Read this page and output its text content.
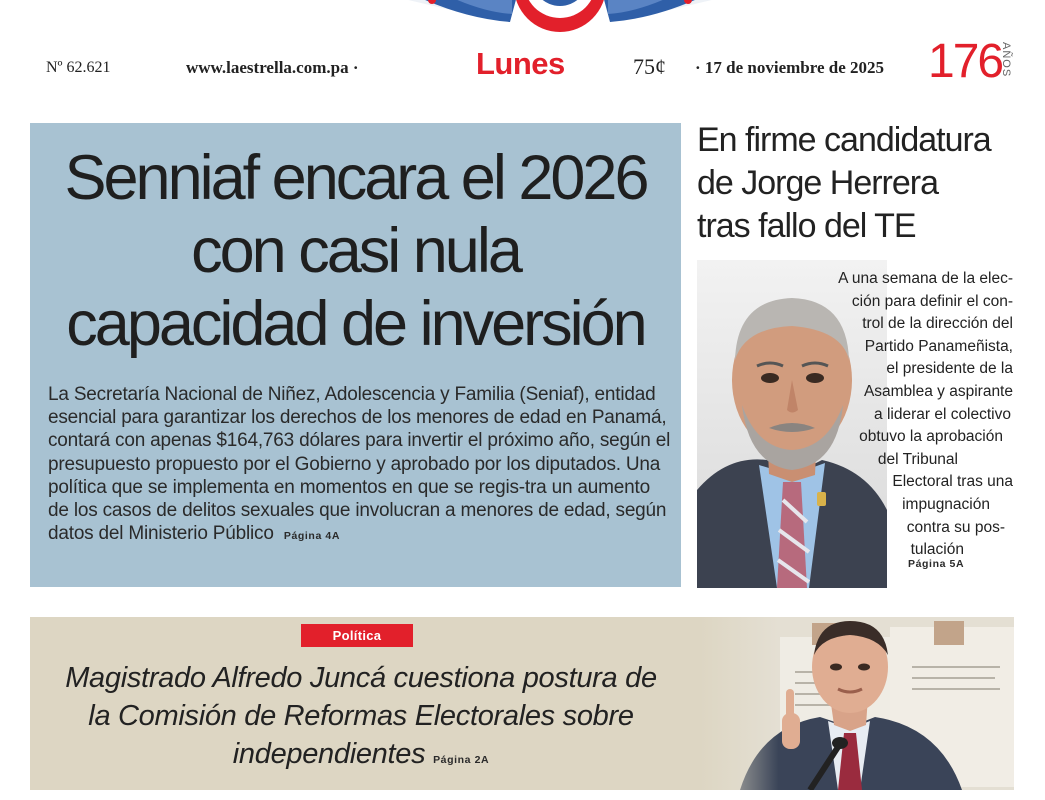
Nº 62.621	www.laestrella.com.pa ·	Lunes	75¢ · 17 de noviembre de 2025 176
AÑOS
Senniaf encara el 2026
con casi nula
capacidad de inversión
La Secretaría Nacional de Niñez, Adolescencia y Familia (Seniaf), entidad esencial para garantizar los derechos de los menores de edad en Panamá, contará con apenas $164,763 dólares para invertir el próximo año, según el presupuesto propuesto por el Gobierno y aprobado por los diputados. Una política que se implementa en momentos en que se regis-tra un aumento de los casos de delitos sexuales que involucran a menores de edad, según datos del Ministerio Público Página 4A
En firme candidatura
de Jorge Herrera
tras fallo del TE
A una semana de la elec-
ción para definir el con-
trol de la dirección del
Partido Panameñista,
el presidente de la
Asamblea y aspirante
a liderar el colectivo
obtuvo la aprobación
del Tribunal
Electoral tras una
impugnación
contra su pos-
tulación
Página 5A
Política
Magistrado Alfredo Juncá cuestiona postura de
la Comisión de Reformas Electorales sobre
independientes Página 2A
